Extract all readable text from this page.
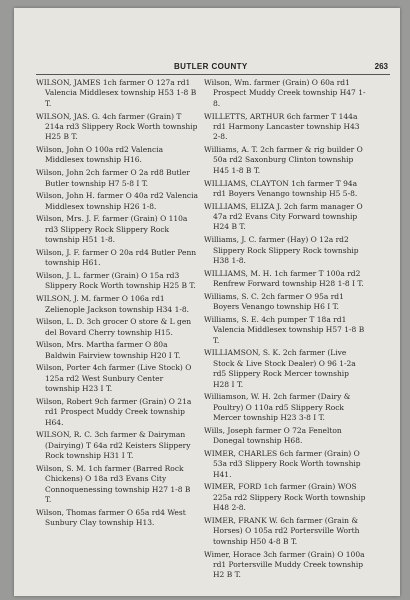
BUTLER COUNTY	263

WILSON, JAMES 1ch farmer O 127a rd1 Valencia Middlesex township H53 1-8 B T.

WILSON, JAS. G. 4ch farmer (Grain) T 214a rd3 Slippery Rock Worth township H25 B T.

Wilson, John O 100a rd2 Valencia Middlesex township H16.

Wilson, John 2ch farmer O 2a rd8 Butler Butler township H7 5-8 I T.

Wilson, John H. farmer O 40a rd2 Valencia Middlesex township H26 1-8.

Wilson, Mrs. J. F. farmer (Grain) O 110a rd3 Slippery Rock Slippery Rock township H51 1-8.

Wilson, J. F. farmer O 20a rd4 Butler Penn township H61.

Wilson, J. L. farmer (Grain) O 15a rd3 Slippery Rock Worth township H25 B T.

WILSON, J. M. farmer O 106a rd1 Zelienople Jackson township H34 1-8.

Wilson, L. D. 3ch grocer O store & L gen del Bovard Cherry township H15.

Wilson, Mrs. Martha farmer O 80a Baldwin Fairview township H20 I T.

Wilson, Porter 4ch farmer (Live Stock) O 125a rd2 West Sunbury Center township H23 I T.

Wilson, Robert 9ch farmer (Grain) O 21a rd1 Prospect Muddy Creek township H64.

WILSON, R. C. 3ch farmer & Dairyman (Dairying) T 64a rd2 Keisters Slippery Rock township H31 I T.

Wilson, S. M. 1ch farmer (Barred Rock Chickens) O 18a rd3 Evans City Connoquenessing township H27 1-8 B T.

Wilson, Thomas farmer O 65a rd4 West Sunbury Clay township H13.

Wilson, Wm. farmer (Grain) O 60a rd1 Prospect Muddy Creek township H47 1-8.

WILLETTS, ARTHUR 6ch farmer T 144a rd1 Harmony Lancaster township H43 2-8.

Williams, A. T. 2ch farmer & rig builder O 50a rd2 Saxonburg Clinton township H45 1-8 B T.

WILLIAMS, CLAYTON 1ch farmer T 94a rd1 Boyers Venango township H5 5-8.

WILLIAMS, ELIZA J. 2ch farm manager O 47a rd2 Evans City Forward township H24 B T.

Williams, J. C. farmer (Hay) O 12a rd2 Slippery Rock Slippery Rock township H38 1-8.

WILLIAMS, M. H. 1ch farmer T 100a rd2 Renfrew Forward township H28 1-8 I T.

Williams, S. C. 2ch farmer O 95a rd1 Boyers Venango township H6 I T.

Williams, S. E. 4ch pumper T 18a rd1 Valencia Middlesex township H57 1-8 B T.

WILLIAMSON, S. K. 2ch farmer (Live Stock & Live Stock Dealer) O 96 1-2a rd5 Slippery Rock Mercer township H28 I T.

Williamson, W. H. 2ch farmer (Dairy & Poultry) O 110a rd5 Slippery Rock Mercer township H23 3-8 I T.

Wills, Joseph farmer O 72a Fenelton Donegal township H68.

WIMER, CHARLES 6ch farmer (Grain) O 53a rd3 Slippery Rock Worth township H41.

WIMER, FORD 1ch farmer (Grain) WOS 225a rd2 Slippery Rock Worth township H48 2-8.

WIMER, FRANK W. 6ch farmer (Grain & Horses) O 105a rd2 Portersville Worth township H50 4-8 B T.

Wimer, Horace 3ch farmer (Grain) O 100a rd1 Portersville Muddy Creek township H2 B T.
